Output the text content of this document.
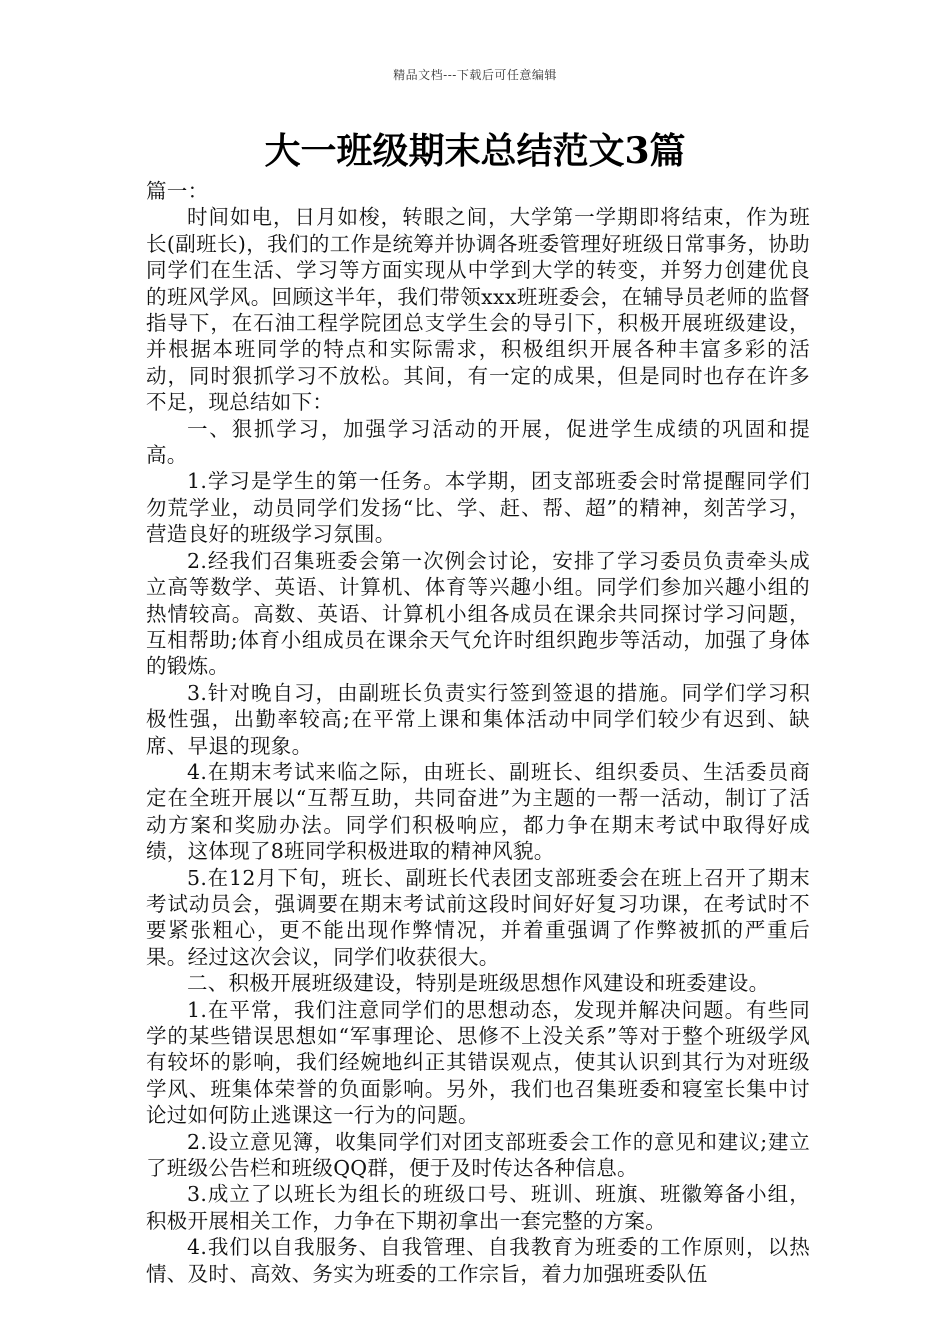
精品文档---下载后可任意编辑
大一班级期末总结范文3篇

篇一：

时间如电，日月如梭，转眼之间，大学第一学期即将结束，作为班长(副班长)，我们的工作是统筹并协调各班委管理好班级日常事务，协助同学们在生活、学习等方面实现从中学到大学的转变，并努力创建优良的班风学风。回顾这半年，我们带领xxx班班委会，在辅导员老师的监督指导下，在石油工程学院团总支学生会的导引下，积极开展班级建设，并根据本班同学的特点和实际需求，积极组织开展各种丰富多彩的活动，同时狠抓学习不放松。其间，有一定的成果，但是同时也存在许多不足，现总结如下：

一、狠抓学习，加强学习活动的开展，促进学生成绩的巩固和提高。

1.学习是学生的第一任务。本学期，团支部班委会时常提醒同学们勿荒学业，动员同学们发扬“比、学、赶、帮、超”的精神，刻苦学习，营造良好的班级学习氛围。

2.经我们召集班委会第一次例会讨论，安排了学习委员负责牵头成立高等数学、英语、计算机、体育等兴趣小组。同学们参加兴趣小组的热情较高。高数、英语、计算机小组各成员在课余共同探讨学习问题，互相帮助;体育小组成员在课余天气允许时组织跑步等活动，加强了身体的锻炼。

3.针对晚自习，由副班长负责实行签到签退的措施。同学们学习积极性强，出勤率较高;在平常上课和集体活动中同学们较少有迟到、缺席、早退的现象。

4.在期末考试来临之际，由班长、副班长、组织委员、生活委员商定在全班开展以“互帮互助，共同奋进”为主题的一帮一活动，制订了活动方案和奖励办法。同学们积极响应，都力争在期末考试中取得好成绩，这体现了8班同学积极进取的精神风貌。

5.在12月下旬，班长、副班长代表团支部班委会在班上召开了期末考试动员会，强调要在期末考试前这段时间好好复习功课，在考试时不要紧张粗心，更不能出现作弊情况，并着重强调了作弊被抓的严重后果。经过这次会议，同学们收获很大。

二、积极开展班级建设，特别是班级思想作风建设和班委建设。

1.在平常，我们注意同学们的思想动态，发现并解决问题。有些同学的某些错误思想如“军事理论、思修不上没关系”等对于整个班级学风有较坏的影响，我们经婉地纠正其错误观点，使其认识到其行为对班级学风、班集体荣誉的负面影响。另外，我们也召集班委和寝室长集中讨论过如何防止逃课这一行为的问题。

2.设立意见簿，收集同学们对团支部班委会工作的意见和建议;建立了班级公告栏和班级QQ群，便于及时传达各种信息。

3.成立了以班长为组长的班级口号、班训、班旗、班徽筹备小组，积极开展相关工作，力争在下期初拿出一套完整的方案。

4.我们以自我服务、自我管理、自我教育为班委的工作原则，以热情、及时、高效、务实为班委的工作宗旨，着力加强班委队伍
